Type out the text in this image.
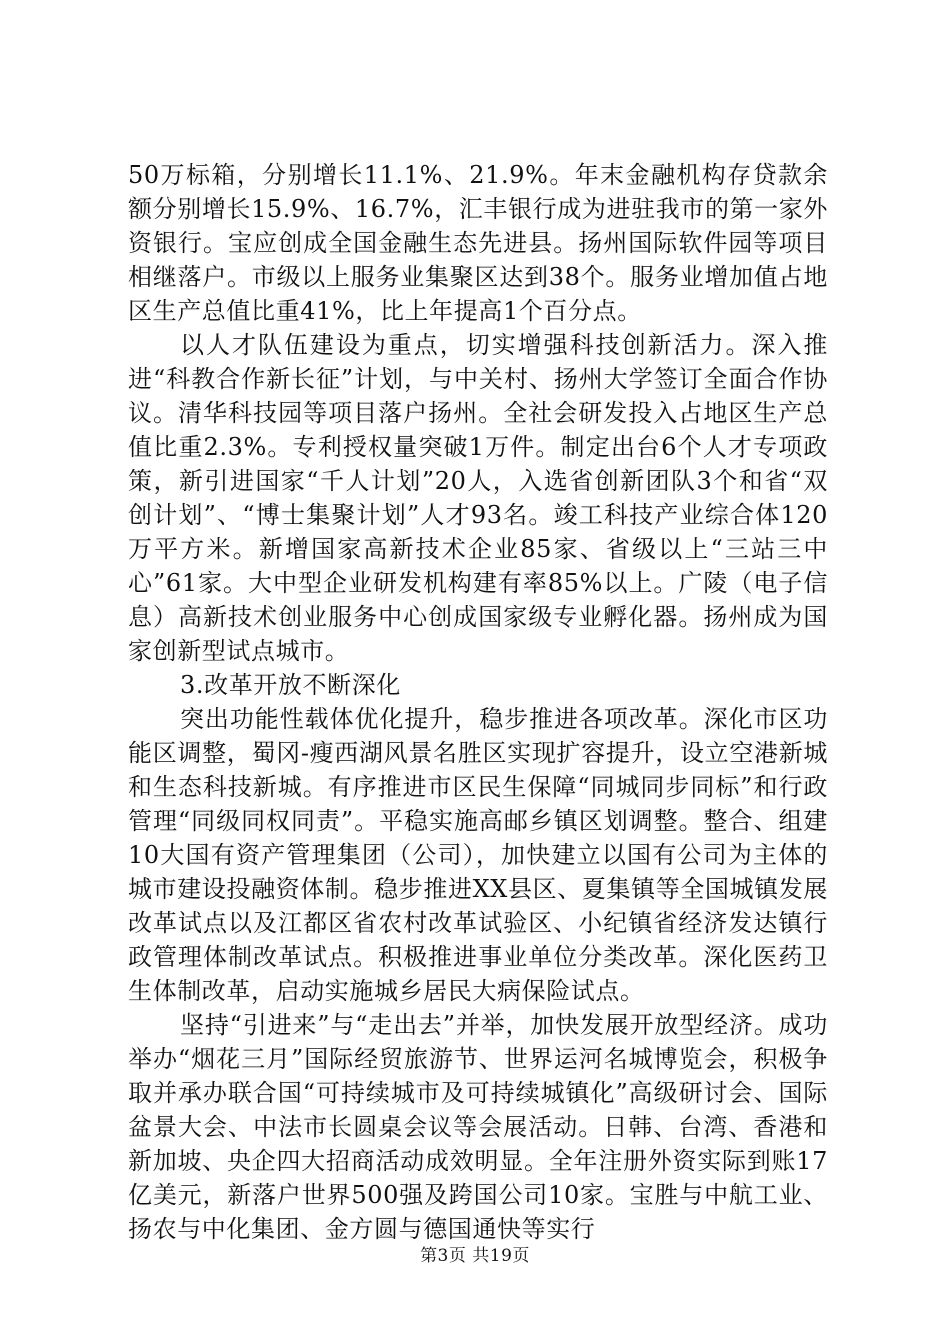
50万标箱，分别增长11.1%、21.9%。年末金融机构存贷款余额分别增长15.9%、16.7%，汇丰银行成为进驻我市的第一家外资银行。宝应创成全国金融生态先进县。扬州国际软件园等项目相继落户。市级以上服务业集聚区达到38个。服务业增加值占地区生产总值比重41%，比上年提高1个百分点。

以人才队伍建设为重点，切实增强科技创新活力。深入推进“科教合作新长征”计划，与中关村、扬州大学签订全面合作协议。清华科技园等项目落户扬州。全社会研发投入占地区生产总值比重2.3%。专利授权量突破1万件。制定出台6个人才专项政策，新引进国家“千人计划”20人，入选省创新团队3个和省“双创计划”、“博士集聚计划”人才93名。竣工科技产业综合体120万平方米。新增国家高新技术企业85家、省级以上“三站三中心”61家。大中型企业研发机构建有率85%以上。广陵（电子信息）高新技术创业服务中心创成国家级专业孵化器。扬州成为国家创新型试点城市。

3.改革开放不断深化

突出功能性载体优化提升，稳步推进各项改革。深化市区功能区调整，蜀冈-瘦西湖风景名胜区实现扩容提升，设立空港新城和生态科技新城。有序推进市区民生保障“同城同步同标”和行政管理“同级同权同责”。平稳实施高邮乡镇区划调整。整合、组建10大国有资产管理集团（公司），加快建立以国有公司为主体的城市建设投融资体制。稳步推进XX县区、夏集镇等全国城镇发展改革试点以及江都区省农村改革试验区、小纪镇省经济发达镇行政管理体制改革试点。积极推进事业单位分类改革。深化医药卫生体制改革，启动实施城乡居民大病保险试点。

坚持“引进来”与“走出去”并举，加快发展开放型经济。成功举办“烟花三月”国际经贸旅游节、世界运河名城博览会，积极争取并承办联合国“可持续城市及可持续城镇化”高级研讨会、国际盆景大会、中法市长圆桌会议等会展活动。日韩、台湾、香港和新加坡、央企四大招商活动成效明显。全年注册外资实际到账17亿美元，新落户世界500强及跨国公司10家。宝胜与中航工业、扬农与中化集团、金方圆与德国通快等实行

第3页 共19页
